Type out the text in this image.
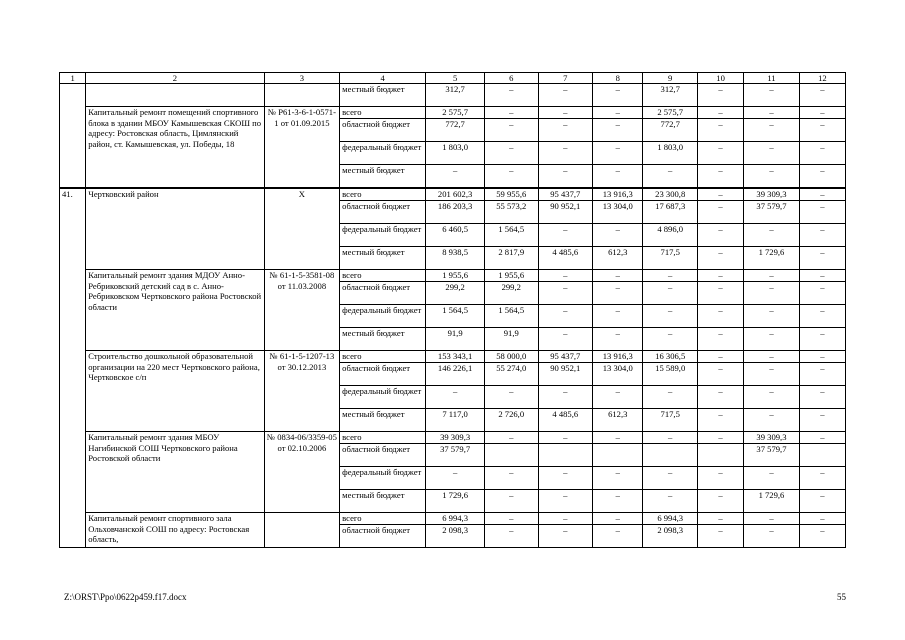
1	2	3	4	5	6	7	8	9	10	11	12
			местный бюджет	312,7	–	–	–	312,7	–	–	–
	Капитальный ремонт помещений спортивного блока в здании МБОУ Камышевская СКОШ по адресу: Ростовская область, Цимлянский район, ст. Камышевская, ул. Победы, 18	№ Р61-3-6-1-0571-1 от 01.09.2015	всего	2 575,7	–	–	–	2 575,7	–	–	–
			областной бюджет	772,7	–	–	–	772,7	–	–	–
			федеральный бюджет	1 803,0	–	–	–	1 803,0	–	–	–
			местный бюджет	–	–	–	–	–	–	–	–
41.	Чертковский район	Х	всего	201 602,3	59 955,6	95 437,7	13 916,3	23 300,8	–	39 309,3	–
			областной бюджет	186 203,3	55 573,2	90 952,1	13 304,0	17 687,3	–	37 579,7	–
			федеральный бюджет	6 460,5	1 564,5	–	–	4 896,0	–	–	–
			местный бюджет	8 938,5	2 817,9	4 485,6	612,3	717,5	–	1 729,6	–
	Капитальный ремонт здания МДОУ Анно-Ребриковский детский сад в с. Анно-Ребриковском Чертковского района Ростовской области	№ 61-1-5-3581-08 от 11.03.2008	всего	1 955,6	1 955,6	–	–	–	–	–	–
			областной бюджет	299,2	299,2	–	–	–	–	–	–
			федеральный бюджет	1 564,5	1 564,5	–	–	–	–	–	–
			местный бюджет	91,9	91,9	–	–	–	–	–	–
	Строительство дошкольной образовательной организации на 220 мест Чертковского района, Чертковское с/п	№ 61-1-5-1207-13 от 30.12.2013	всего	153 343,1	58 000,0	95 437,7	13 916,3	16 306,5	–	–	–
			областной бюджет	146 226,1	55 274,0	90 952,1	13 304,0	15 589,0	–	–	–
			федеральный бюджет	–	–	–	–	–	–	–	–
			местный бюджет	7 117,0	2 726,0	4 485,6	612,3	717,5	–	–	–
	Капитальный ремонт здания МБОУ Нагибинской СОШ Чертковского района Ростовской области	№ 0834-06/3359-05 от 02.10.2006	всего	39 309,3	–	–	–	–	–	39 309,3	–
			областной бюджет	37 579,7						37 579,7	
			федеральный бюджет	–	–	–	–	–	–	–	–
			местный бюджет	1 729,6	–	–	–	–	–	1 729,6	–
	Капитальный ремонт спортивного зала Ольховчанской СОШ по адресу: Ростовская область,		всего	6 994,3	–	–	–	6 994,3	–	–	–
			областной бюджет	2 098,3	–	–	–	2 098,3	–	–	–
Z:\ORST\Ppo\0622p459.f17.docx	55
